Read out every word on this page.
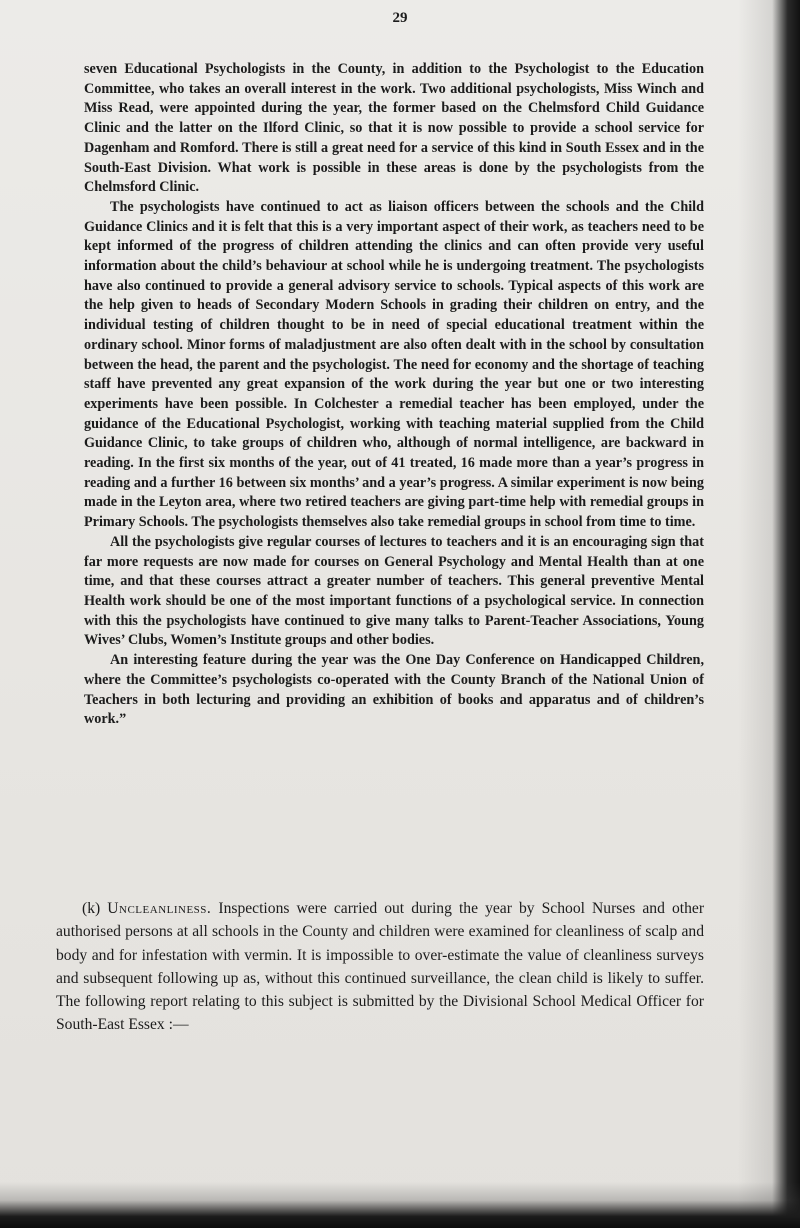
29

seven Educational Psychologists in the County, in addition to the Psychologist to the Education Committee, who takes an overall interest in the work. Two additional psychologists, Miss Winch and Miss Read, were appointed during the year, the former based on the Chelmsford Child Guidance Clinic and the latter on the Ilford Clinic, so that it is now possible to provide a school service for Dagenham and Romford. There is still a great need for a service of this kind in South Essex and in the South-East Division. What work is possible in these areas is done by the psychologists from the Chelmsford Clinic.

The psychologists have continued to act as liaison officers between the schools and the Child Guidance Clinics and it is felt that this is a very important aspect of their work, as teachers need to be kept informed of the progress of children attending the clinics and can often provide very useful information about the child’s behaviour at school while he is undergoing treatment. The psychologists have also continued to provide a general advisory service to schools. Typical aspects of this work are the help given to heads of Secondary Modern Schools in grading their children on entry, and the individual testing of children thought to be in need of special educational treatment within the ordinary school. Minor forms of maladjustment are also often dealt with in the school by consultation between the head, the parent and the psychologist. The need for economy and the shortage of teaching staff have prevented any great expansion of the work during the year but one or two interesting experiments have been possible. In Colchester a remedial teacher has been employed, under the guidance of the Educational Psychologist, working with teaching material supplied from the Child Guidance Clinic, to take groups of children who, although of normal intelligence, are backward in reading. In the first six months of the year, out of 41 treated, 16 made more than a year’s progress in reading and a further 16 between six months’ and a year’s progress. A similar experiment is now being made in the Leyton area, where two retired teachers are giving part-time help with remedial groups in Primary Schools. The psychologists themselves also take remedial groups in school from time to time.

All the psychologists give regular courses of lectures to teachers and it is an encouraging sign that far more requests are now made for courses on General Psychology and Mental Health than at one time, and that these courses attract a greater number of teachers. This general preventive Mental Health work should be one of the most important functions of a psychological service. In connection with this the psychologists have continued to give many talks to Parent-Teacher Associations, Young Wives’ Clubs, Women’s Institute groups and other bodies.

An interesting feature during the year was the One Day Conference on Handicapped Children, where the Committee’s psychologists co-operated with the County Branch of the National Union of Teachers in both lecturing and providing an exhibition of books and apparatus and of children’s work.”

(k) Uncleanliness. Inspections were carried out during the year by School Nurses and other authorised persons at all schools in the County and children were examined for cleanliness of scalp and body and for infestation with vermin. It is impossible to over-estimate the value of cleanliness surveys and subsequent following up as, without this continued surveillance, the clean child is likely to suffer. The following report relating to this subject is submitted by the Divisional School Medical Officer for South-East Essex :—
